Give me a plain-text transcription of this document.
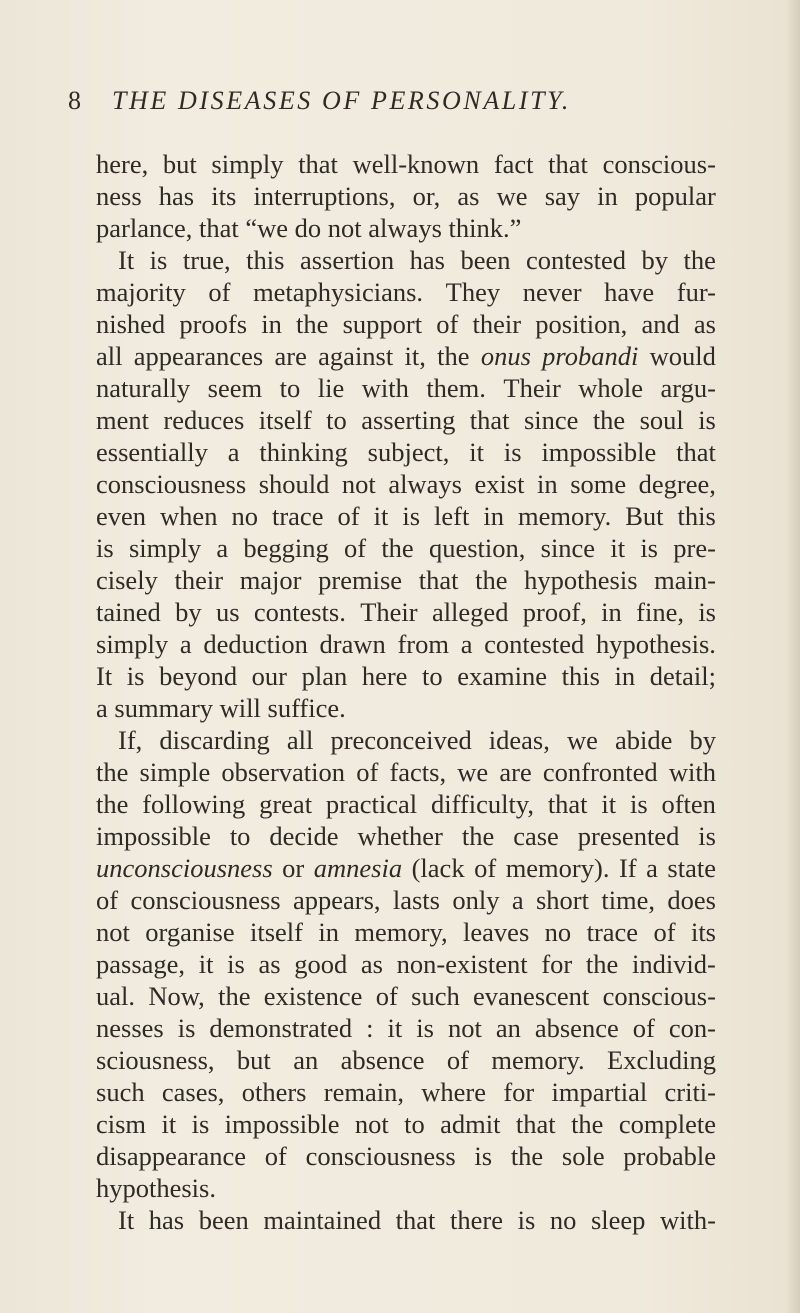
8 THE DISEASES OF PERSONALITY.
here, but simply that well-known fact that conscious-
ness has its interruptions, or, as we say in popular
parlance, that “we do not always think.”
It is true, this assertion has been contested by the
majority of metaphysicians. They never have fur-
nished proofs in the support of their position, and as
all appearances are against it, the onus probandi would
naturally seem to lie with them. Their whole argu-
ment reduces itself to asserting that since the soul is
essentially a thinking subject, it is impossible that
consciousness should not always exist in some degree,
even when no trace of it is left in memory. But this
is simply a begging of the question, since it is pre-
cisely their major premise that the hypothesis main-
tained by us contests. Their alleged proof, in fine, is
simply a deduction drawn from a contested hypothesis.
It is beyond our plan here to examine this in detail;
a summary will suffice.
If, discarding all preconceived ideas, we abide by
the simple observation of facts, we are confronted with
the following great practical difficulty, that it is often
impossible to decide whether the case presented is
unconsciousness or amnesia (lack of memory). If a state
of consciousness appears, lasts only a short time, does
not organise itself in memory, leaves no trace of its
passage, it is as good as non-existent for the individ-
ual. Now, the existence of such evanescent conscious-
nesses is demonstrated : it is not an absence of con-
sciousness, but an absence of memory. Excluding
such cases, others remain, where for impartial criti-
cism it is impossible not to admit that the complete
disappearance of consciousness is the sole probable
hypothesis.
It has been maintained that there is no sleep with-
